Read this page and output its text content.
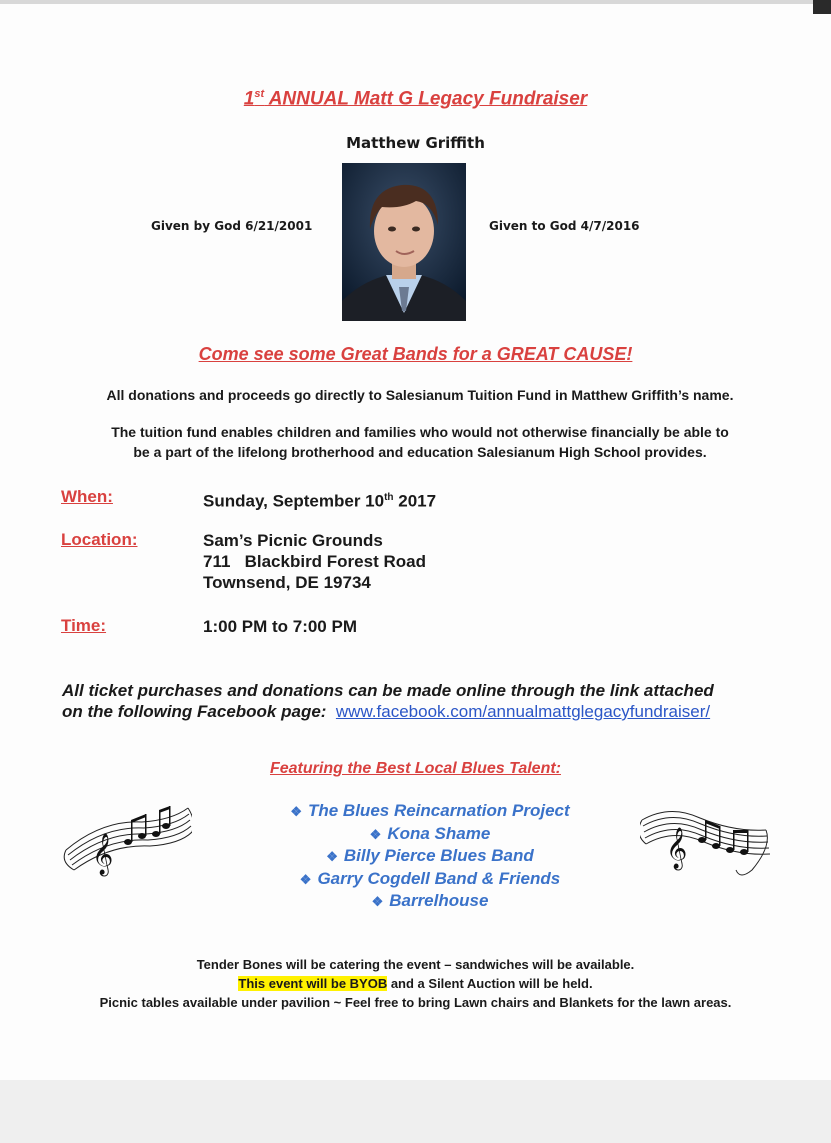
1st ANNUAL Matt G Legacy Fundraiser
Matthew Griffith
Given by God 6/21/2001	Given to God 4/7/2016
Come see some Great Bands for a GREAT CAUSE!
All donations and proceeds go directly to Salesianum Tuition Fund in Matthew Griffith’s name.
The tuition fund enables children and families who would not otherwise financially be able to
be a part of the lifelong brotherhood and education Salesianum High School provides.
When:	Sunday, September 10th 2017
Location:	Sam’s Picnic Grounds
711   Blackbird Forest Road
Townsend, DE 19734
Time:	1:00 PM to 7:00 PM
All ticket purchases and donations can be made online through the link attached
on the following Facebook page: www.facebook.com/annualmattglegacyfundraiser/
Featuring the Best Local Blues Talent:
𝄞
❖ The Blues Reincarnation Project
❖ Kona Shame
❖ Billy Pierce Blues Band
❖ Garry Cogdell Band & Friends
❖ Barrelhouse
𝄞
Tender Bones will be catering the event – sandwiches will be available.
This event will be BYOB and a Silent Auction will be held.
Picnic tables available under pavilion ~ Feel free to bring Lawn chairs and Blankets for the lawn areas.
